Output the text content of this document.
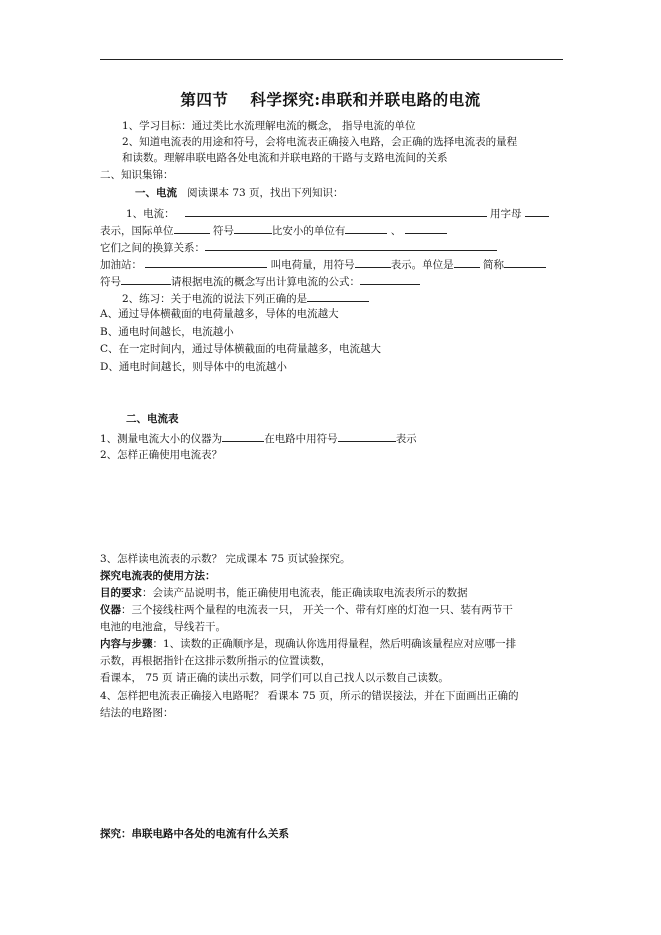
第四节 科学探究:串联和并联电路的电流
1、学习目标：通过类比水流理解电流的概念， 指导电流的单位
2、知道电流表的用途和符号，会将电流表正确接入电路，会正确的选择电流表的量程
和读数。理解串联电路各处电流和并联电路的干路与支路电流间的关系
二、知识集锦：
一、电流 阅读课本 73 页，找出下列知识：
1、电流：	用字母
表示，国际单位	符号	比安小的单位有	、
它们之间的换算关系：
加油站：	叫电荷量，用符号	表示。单位是	简称
符号	请根据电流的概念写出计算电流的公式：
2、练习：关于电流的说法下列正确的是
A、通过导体横截面的电荷量越多，导体的电流越大
B、通电时间越长，电流越小
C、在一定时间内，通过导体横截面的电荷量越多，电流越大
D、通电时间越长，则导体中的电流越小
二、电流表
1、测量电流大小的仪器为	在电路中用符号	表示
2、怎样正确使用电流表？
3、怎样读电流表的示数？ 完成课本 75 页试验探究。
探究电流表的使用方法：
目的要求：会读产品说明书，能正确使用电流表，能正确读取电流表所示的数据
仪器：三个接线柱两个量程的电流表一只， 开关一个、带有灯座的灯泡一只、装有两节干
电池的电池盒，导线若干。
内容与步骤：1、读数的正确顺序是，现确认你选用得量程，然后明确该量程应对应哪一排
示数，再根据指针在这排示数所指示的位置读数，
看课本， 75 页 请正确的读出示数，同学们可以自己找人以示数自己读数。
4、怎样把电流表正确接入电路呢？ 看课本 75 页，所示的错误接法，并在下面画出正确的
结法的电路图：
探究：串联电路中各处的电流有什么关系
